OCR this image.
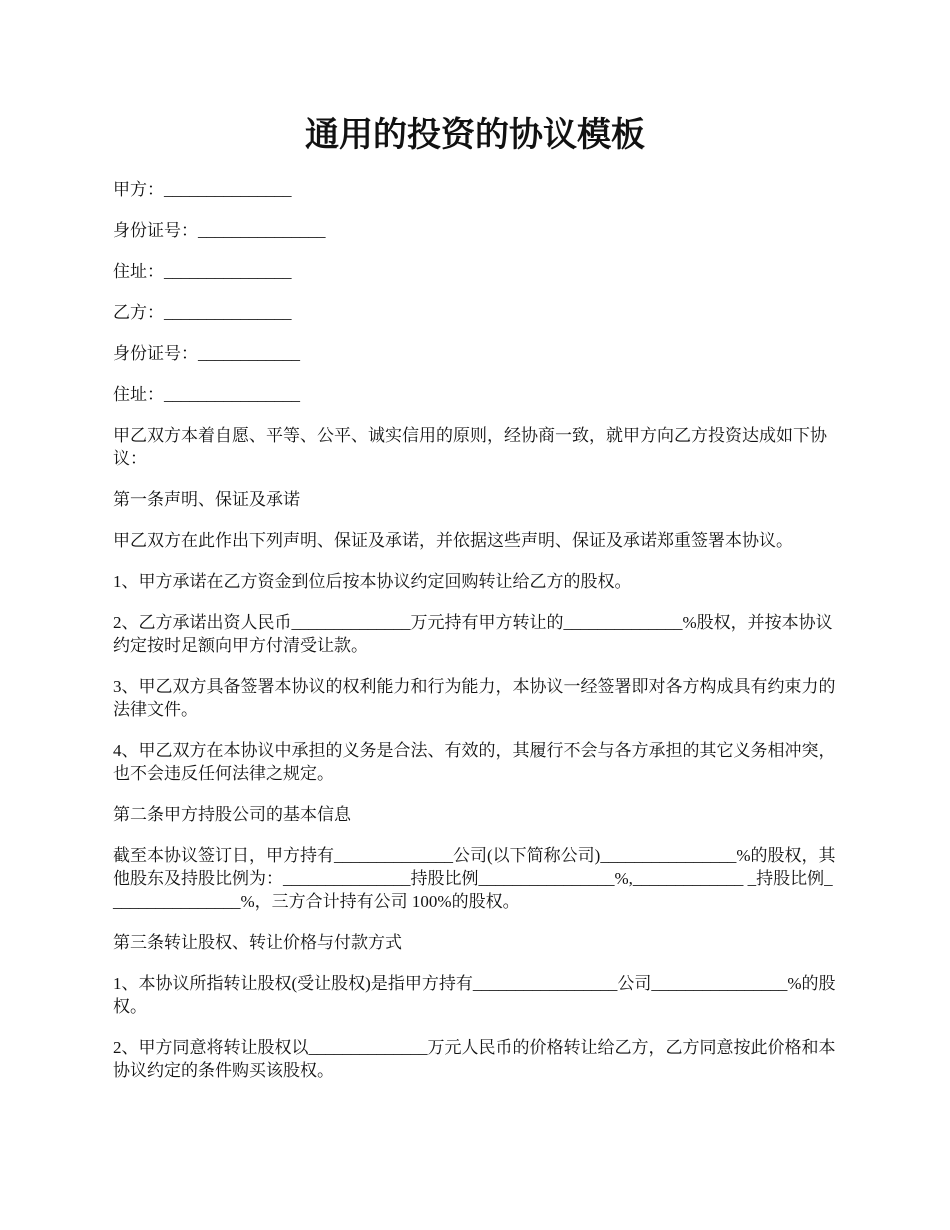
通用的投资的协议模板

甲方：_______________

身份证号：_______________

住址：_______________

乙方：_______________

身份证号：____________

住址：________________

甲乙双方本着自愿、平等、公平、诚实信用的原则，经协商一致，就甲方向乙方投资达成如下协议：

第一条声明、保证及承诺

甲乙双方在此作出下列声明、保证及承诺，并依据这些声明、保证及承诺郑重签署本协议。

1、甲方承诺在乙方资金到位后按本协议约定回购转让给乙方的股权。

2、乙方承诺出资人民币______________万元持有甲方转让的______________%股权，并按本协议约定按时足额向甲方付清受让款。

3、甲乙双方具备签署本协议的权利能力和行为能力，本协议一经签署即对各方构成具有约束力的法律文件。

4、甲乙双方在本协议中承担的义务是合法、有效的，其履行不会与各方承担的其它义务相冲突，也不会违反任何法律之规定。

第二条甲方持股公司的基本信息

截至本协议签订日，甲方持有______________公司(以下简称公司)________________%的股权，其他股东及持股比例为：_______________持股比例________________%,_____________ _持股比例________________%，三方合计持有公司 100%的股权。

第三条转让股权、转让价格与付款方式

1、本协议所指转让股权(受让股权)是指甲方持有_________________公司________________%的股权。

2、甲方同意将转让股权以______________万元人民币的价格转让给乙方，乙方同意按此价格和本协议约定的条件购买该股权。
